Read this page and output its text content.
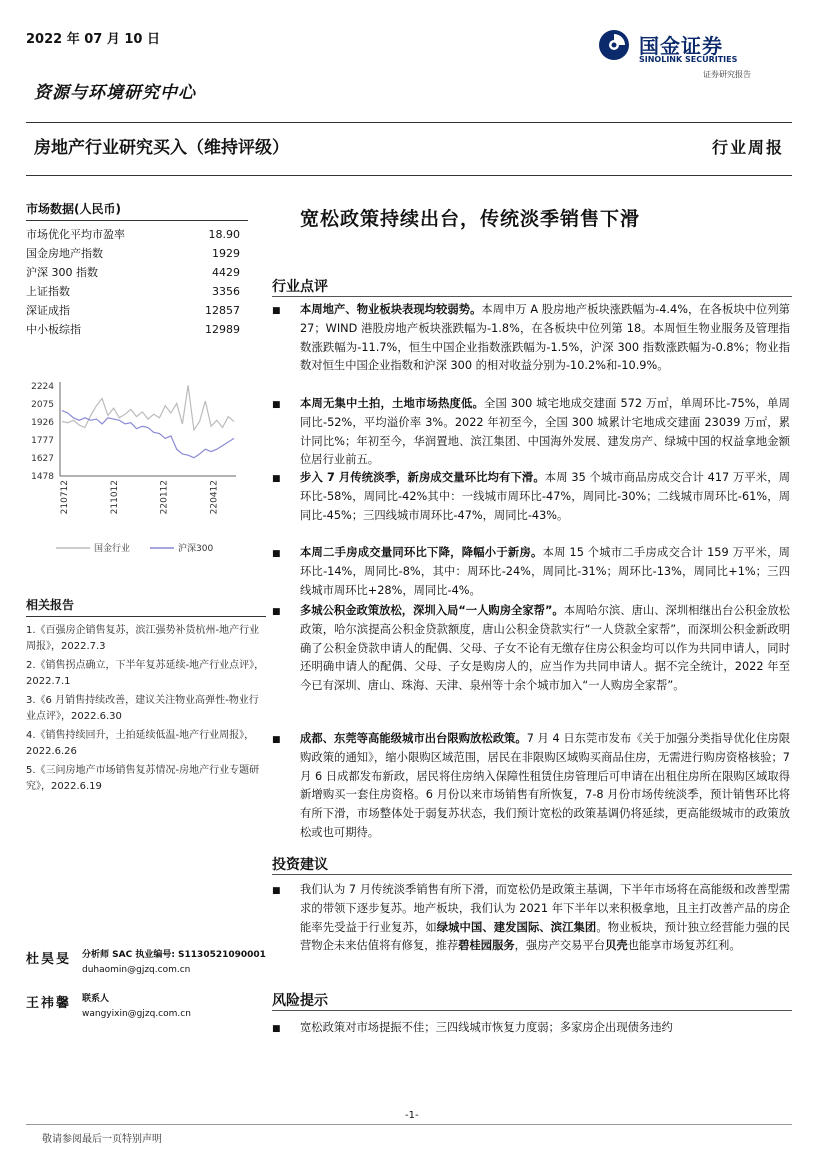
2022 年 07 月 10 日
资源与环境研究中心
国金证券
SINOLINK SECURITIES
证券研究报告
房地产行业研究买入（维持评级）	行业周报
市场数据(人民币)
市场优化平均市盈率	18.90
国金房地产指数	1929
沪深 300 指数	4429
上证指数	3356
深证成指	12857
中小板综指	12989
2224
2075
1926
1777
1627
1478
210712	211012	220112	220412
国金行业	沪深300
相关报告
1.《百强房企销售复苏，滨江强势补货杭州-地产行业周报》，2022.7.3
2.《销售拐点确立，下半年复苏延续-地产行业点评》，2022.7.1
3.《6 月销售持续改善，建议关注物业高弹性-物业行业点评》，2022.6.30
4.《销售持续回升，土拍延续低温-地产行业周报》，2022.6.26
5.《三问房地产市场销售复苏情况-房地产行业专题研究》，2022.6.19
杜昊旻	分析师 SAC 执业编号: S1130521090001
duhaomin@gjzq.com.cn
王祎馨	联系人
wangyixin@gjzq.com.cn
宽松政策持续出台，传统淡季销售下滑
行业点评
■ 本周地产、物业板块表现均较弱势。本周申万 A 股房地产板块涨跌幅为-4.4%，在各板块中位列第 27；WIND 港股房地产板块涨跌幅为-1.8%，在各板块中位列第 18。本周恒生物业服务及管理指数涨跌幅为-11.7%，恒生中国企业指数涨跌幅为-1.5%，沪深 300 指数涨跌幅为-0.8%；物业指数对恒生中国企业指数和沪深 300 的相对收益分别为-10.2%和-10.9%。
■ 本周无集中土拍，土地市场热度低。全国 300 城宅地成交建面 572 万㎡，单周环比-75%，单周同比-52%，平均溢价率 3%。2022 年初至今，全国 300 城累计宅地成交建面 23039 万㎡，累计同比%；年初至今，华润置地、滨江集团、中国海外发展、建发房产、绿城中国的权益拿地金额位居行业前五。
■ 步入 7 月传统淡季，新房成交量环比均有下滑。本周 35 个城市商品房成交合计 417 万平米，周环比-58%，周同比-42%其中：一线城市周环比-47%，周同比-30%；二线城市周环比-61%，周同比-45%；三四线城市周环比-47%，周同比-43%。
■ 本周二手房成交量同环比下降，降幅小于新房。本周 15 个城市二手房成交合计 159 万平米，周环比-14%，周同比-8%，其中：周环比-24%，周同比-31%；周环比-13%，周同比+1%；三四线城市周环比+28%，周同比-4%。
■ 多城公积金政策放松，深圳入局“一人购房全家帮”。本周哈尔滨、唐山、深圳相继出台公积金放松政策，哈尔滨提高公积金贷款额度，唐山公积金贷款实行“一人贷款全家帮”，而深圳公积金新政明确了公积金贷款申请人的配偶、父母、子女不论有无缴存住房公积金均可以作为共同申请人，同时还明确申请人的配偶、父母、子女是购房人的，应当作为共同申请人。据不完全统计，2022 年至今已有深圳、唐山、珠海、天津、泉州等十余个城市加入“一人购房全家帮”。
■ 成都、东莞等高能级城市出台限购放松政策。7 月 4 日东莞市发布《关于加强分类指导优化住房限购政策的通知》，缩小限购区域范围，居民在非限购区域购买商品住房，无需进行购房资格核验；7 月 6 日成都发布新政，居民将住房纳入保障性租赁住房管理后可申请在出租住房所在限购区域取得新增购买一套住房资格。6 月份以来市场销售有所恢复，7-8 月份市场传统淡季，预计销售环比将有所下滑，市场整体处于弱复苏状态，我们预计宽松的政策基调仍将延续，更高能级城市的政策放松或也可期待。
投资建议
■ 我们认为 7 月传统淡季销售有所下滑，而宽松仍是政策主基调，下半年市场将在高能级和改善型需求的带领下逐步复苏。地产板块，我们认为 2021 年下半年以来积极拿地，且主打改善产品的房企能率先受益于行业复苏，如绿城中国、建发国际、滨江集团。物业板块，预计独立经营能力强的民营物企未来估值将有修复，推荐碧桂园服务，强房产交易平台贝壳也能享市场复苏红利。
风险提示
■ 宽松政策对市场提振不佳；三四线城市恢复力度弱；多家房企出现债务违约
-1-
敬请参阅最后一页特别声明
